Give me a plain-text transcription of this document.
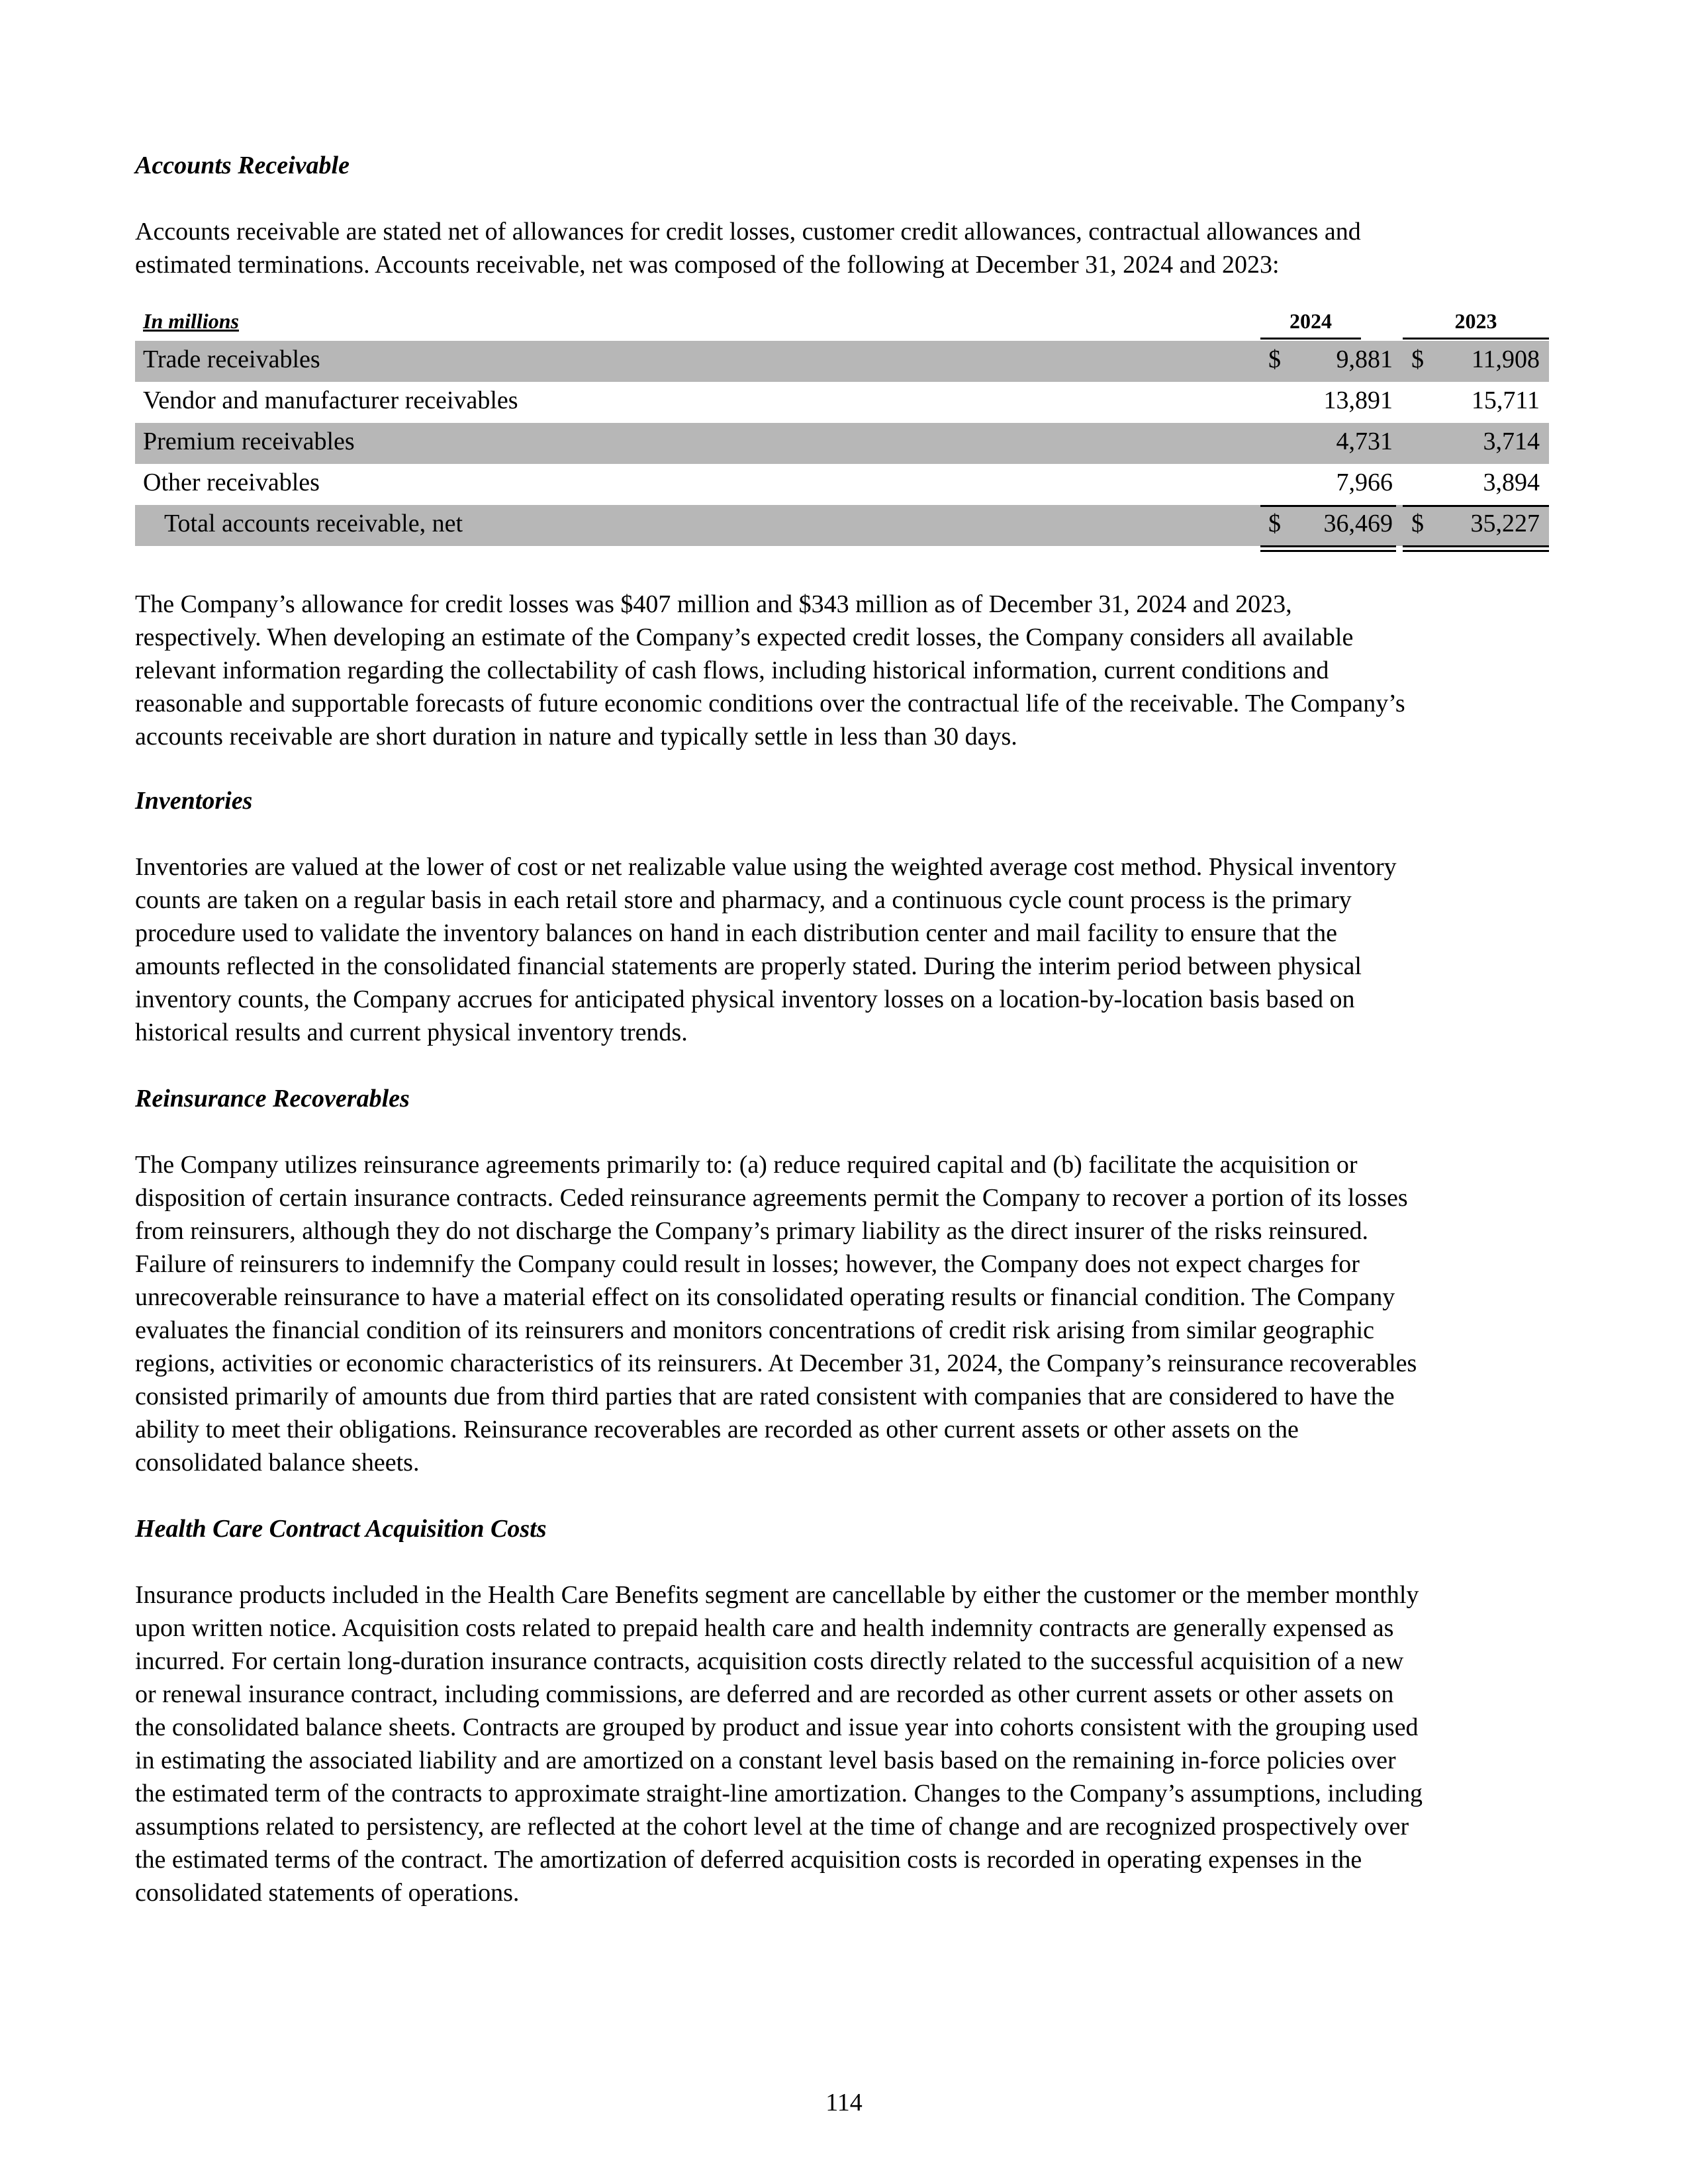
Accounts Receivable
Accounts receivable are stated net of allowances for credit losses, customer credit allowances, contractual allowances and
estimated terminations. Accounts receivable, net was composed of the following at December 31, 2024 and 2023:
In millions	2024	2023
Trade receivables	$	9,881 $	11,908
Vendor and manufacturer receivables	13,891	15,711
Premium receivables	4,731	3,714
Other receivables	7,966	3,894
Total accounts receivable, net	$	36,469 $	35,227
The Company’s allowance for credit losses was $407 million and $343 million as of December 31, 2024 and 2023,
respectively. When developing an estimate of the Company’s expected credit losses, the Company considers all available
relevant information regarding the collectability of cash flows, including historical information, current conditions and
reasonable and supportable forecasts of future economic conditions over the contractual life of the receivable. The Company’s
accounts receivable are short duration in nature and typically settle in less than 30 days.
Inventories
Inventories are valued at the lower of cost or net realizable value using the weighted average cost method. Physical inventory
counts are taken on a regular basis in each retail store and pharmacy, and a continuous cycle count process is the primary
procedure used to validate the inventory balances on hand in each distribution center and mail facility to ensure that the
amounts reflected in the consolidated financial statements are properly stated. During the interim period between physical
inventory counts, the Company accrues for anticipated physical inventory losses on a location-by-location basis based on
historical results and current physical inventory trends.
Reinsurance Recoverables
The Company utilizes reinsurance agreements primarily to: (a) reduce required capital and (b) facilitate the acquisition or
disposition of certain insurance contracts. Ceded reinsurance agreements permit the Company to recover a portion of its losses
from reinsurers, although they do not discharge the Company’s primary liability as the direct insurer of the risks reinsured.
Failure of reinsurers to indemnify the Company could result in losses; however, the Company does not expect charges for
unrecoverable reinsurance to have a material effect on its consolidated operating results or financial condition. The Company
evaluates the financial condition of its reinsurers and monitors concentrations of credit risk arising from similar geographic
regions, activities or economic characteristics of its reinsurers. At December 31, 2024, the Company’s reinsurance recoverables
consisted primarily of amounts due from third parties that are rated consistent with companies that are considered to have the
ability to meet their obligations. Reinsurance recoverables are recorded as other current assets or other assets on the
consolidated balance sheets.
Health Care Contract Acquisition Costs
Insurance products included in the Health Care Benefits segment are cancellable by either the customer or the member monthly
upon written notice. Acquisition costs related to prepaid health care and health indemnity contracts are generally expensed as
incurred. For certain long-duration insurance contracts, acquisition costs directly related to the successful acquisition of a new
or renewal insurance contract, including commissions, are deferred and are recorded as other current assets or other assets on
the consolidated balance sheets. Contracts are grouped by product and issue year into cohorts consistent with the grouping used
in estimating the associated liability and are amortized on a constant level basis based on the remaining in-force policies over
the estimated term of the contracts to approximate straight-line amortization. Changes to the Company’s assumptions, including
assumptions related to persistency, are reflected at the cohort level at the time of change and are recognized prospectively over
the estimated terms of the contract. The amortization of deferred acquisition costs is recorded in operating expenses in the
consolidated statements of operations.
114
